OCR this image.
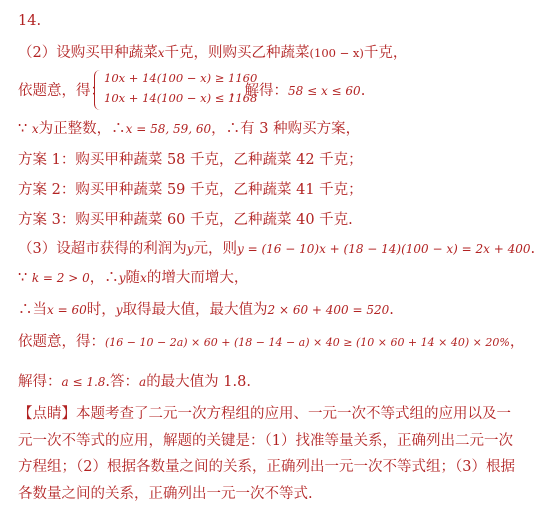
14.
（2）设购买甲种蔬菜x千克，则购买乙种蔬菜(100 − x)千克，
依题意，得：
10x + 14(100 − x) ≥ 1160
10x + 14(100 − x) ≤ 1168
，解得：58 ≤ x ≤ 60.
∵ x为正整数，∴x = 58, 59, 60，∴有 3 种购买方案，
方案 1：购买甲种蔬菜 58 千克，乙种蔬菜 42 千克；
方案 2：购买甲种蔬菜 59 千克，乙种蔬菜 41 千克；
方案 3：购买甲种蔬菜 60 千克，乙种蔬菜 40 千克.
（3）设超市获得的利润为y元，则y = (16 − 10)x + (18 − 14)(100 − x) = 2x + 400.
∵ k = 2 > 0，∴y随x的增大而增大，
∴当x = 60时，y取得最大值，最大值为2 × 60 + 400 = 520.
依题意，得：(16 − 10 − 2a) × 60 + (18 − 14 − a) × 40 ≥ (10 × 60 + 14 × 40) × 20%，
解得：a ≤ 1.8.答：a的最大值为 1.8.
【点睛】本题考查了二元一次方程组的应用、一元一次不等式组的应用以及一元一次不等式的应用，解题的关键是：（1）找准等量关系，正确列出二元一次方程组；（2）根据各数量之间的关系，正确列出一元一次不等式组；（3）根据各数量之间的关系，正确列出一元一次不等式.
